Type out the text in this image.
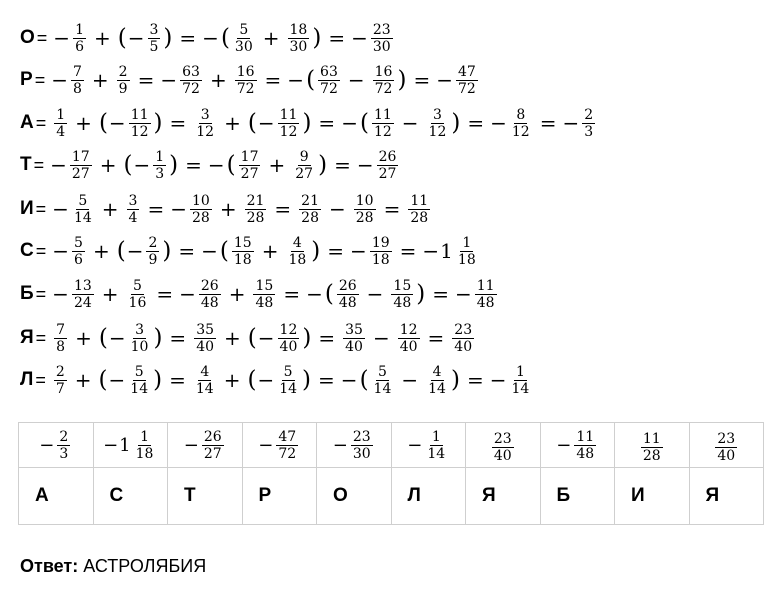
О = − $\frac{1}{6}$ + ( − $\frac{3}{5}$ ) = − ( $\frac{5}{30} + \frac{18}{30}$ ) = − $\frac{23}{30}$
Р = − $\frac{7}{8} + \frac{2}{9}$ = − $\frac{63}{72} + \frac{16}{72}$ = − ( $\frac{63}{72} - \frac{16}{72}$ ) = − $\frac{47}{72}$
$А = \frac{1}{4}$ + ( − $\frac{11}{12}$ ) = $\frac{3}{12}$ + ( − $\frac{11}{12}$ ) = − ( $\frac{11}{12} - \frac{3}{12}$ ) = − $\frac{8}{12}$ = − $\frac{2}{3}$
Т = − $\frac{17}{27}$ + ( − $\frac{1}{3}$ ) = − ( $\frac{17}{27} + \frac{9}{27}$ ) = − $\frac{26}{27}$
И = − $\frac{5}{14} + \frac{3}{4}$ = − $\frac{10}{28} + \frac{21}{28} = \frac{21}{28} - \frac{10}{28} = \frac{11}{28}$
С = − $\frac{5}{6}$ + ( − $\frac{2}{9}$ ) = − ( $\frac{15}{18} + \frac{4}{18}$ ) = − $\frac{19}{18}$ = − $1 \frac{1}{18}$
Б = − $\frac{13}{24} + \frac{5}{16}$ = − $\frac{26}{48} + \frac{15}{48}$ = − ( $\frac{26}{48} - \frac{15}{48}$ ) = − $\frac{11}{48}$
$Я = \frac{7}{8}$ + ( − $\frac{3}{10}$ ) = $\frac{35}{40}$ + ( − $\frac{12}{40}$ ) = $\frac{35}{40} - \frac{12}{40} = \frac{23}{40}$
$Л = \frac{2}{7}$ + ( − $\frac{5}{14}$ ) = $\frac{4}{14}$ + ( − $\frac{5}{14}$ ) = − ( $\frac{5}{14} - \frac{4}{14}$ ) = − $\frac{1}{14}$
− $\frac{2}{3}$	− $1 \frac{1}{18}$	− $\frac{26}{27}$	− $\frac{47}{72}$	− $\frac{23}{30}$	− $\frac{1}{14}$	$\frac{23}{40}$	− $\frac{11}{48}$	$\frac{11}{28}$	$\frac{23}{40}$

А	С	Т	Р	О	Л	Я	Б	И	Я
Ответ: АСТРОЛЯБИЯ
